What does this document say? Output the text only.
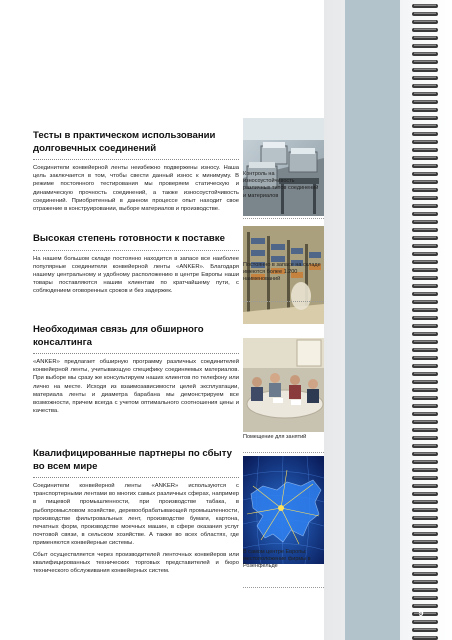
Тесты в практическом использовании долговечных соединений

Соединители конвейерной ленты неизбежно подвержены износу. Наша цель заключается в том, чтобы свести данный износ к минимуму. В режиме постоянного тестирования мы проверяем статическую и динамическую прочность соединений, а также износоустойчивость соединений. Приобретенный в данном процессе опыт находит свое отражение в конструировании, выборе материалов и производстве.

Высокая степень готовности к поставке

На нашем большом складе постоянно находится в запасе все наиболее популярные соединители конвейерной ленты «ANKER». Благодаря нашему центральному и удобному расположению в центре Европы наши товары поставляются нашим клиентам по кратчайшему пути, с соблюдением оговоренных сроков и без задержек.

Необходимая связь для обширного консалтинга

«ANKER» предлагает обширную программу различных соединителей конвейерной ленты, учитывающую специфику соединяемых материалов. При выборе мы сразу же консультируем наших клиентов по телефону или лично на месте. Исходя из взаимозависимости целей эксплуатации, материала ленты и диаметра барабана мы демонстрируем все возможности, причем всегда с учетом оптимального соотношения цены и качества.

Квалифицированные партнеры по сбыту во всем мире

Соединители конвейерной ленты «ANKER» используются с транспортерными лентами во многих самых различных сферах, например в пищевой промышленности, при производстве табака, в рыбопромысловом хозяйстве, деревообрабатывающей промышленности, производстве фильтровальных лент, производстве бумаги, картона, печатных форм, производстве моечных машин, в сфере оказания услуг почтовой связи, в сельском хозяйстве. А также во всех областях, где применяются конвейерные системы.

Сбыт осуществляется через производителей ленточных конвейеров или квалифицированных технических торговых представителей и бюро технического обслуживания конвейерных систем.

Контроль на износоустойчивость различных типов соединений и материалов
Постоянно в запасе на складе имеются более 1.200 наименований
Помещение для занятий
В самом центре Европы: местоположение фирмы в Розенфельде
9
